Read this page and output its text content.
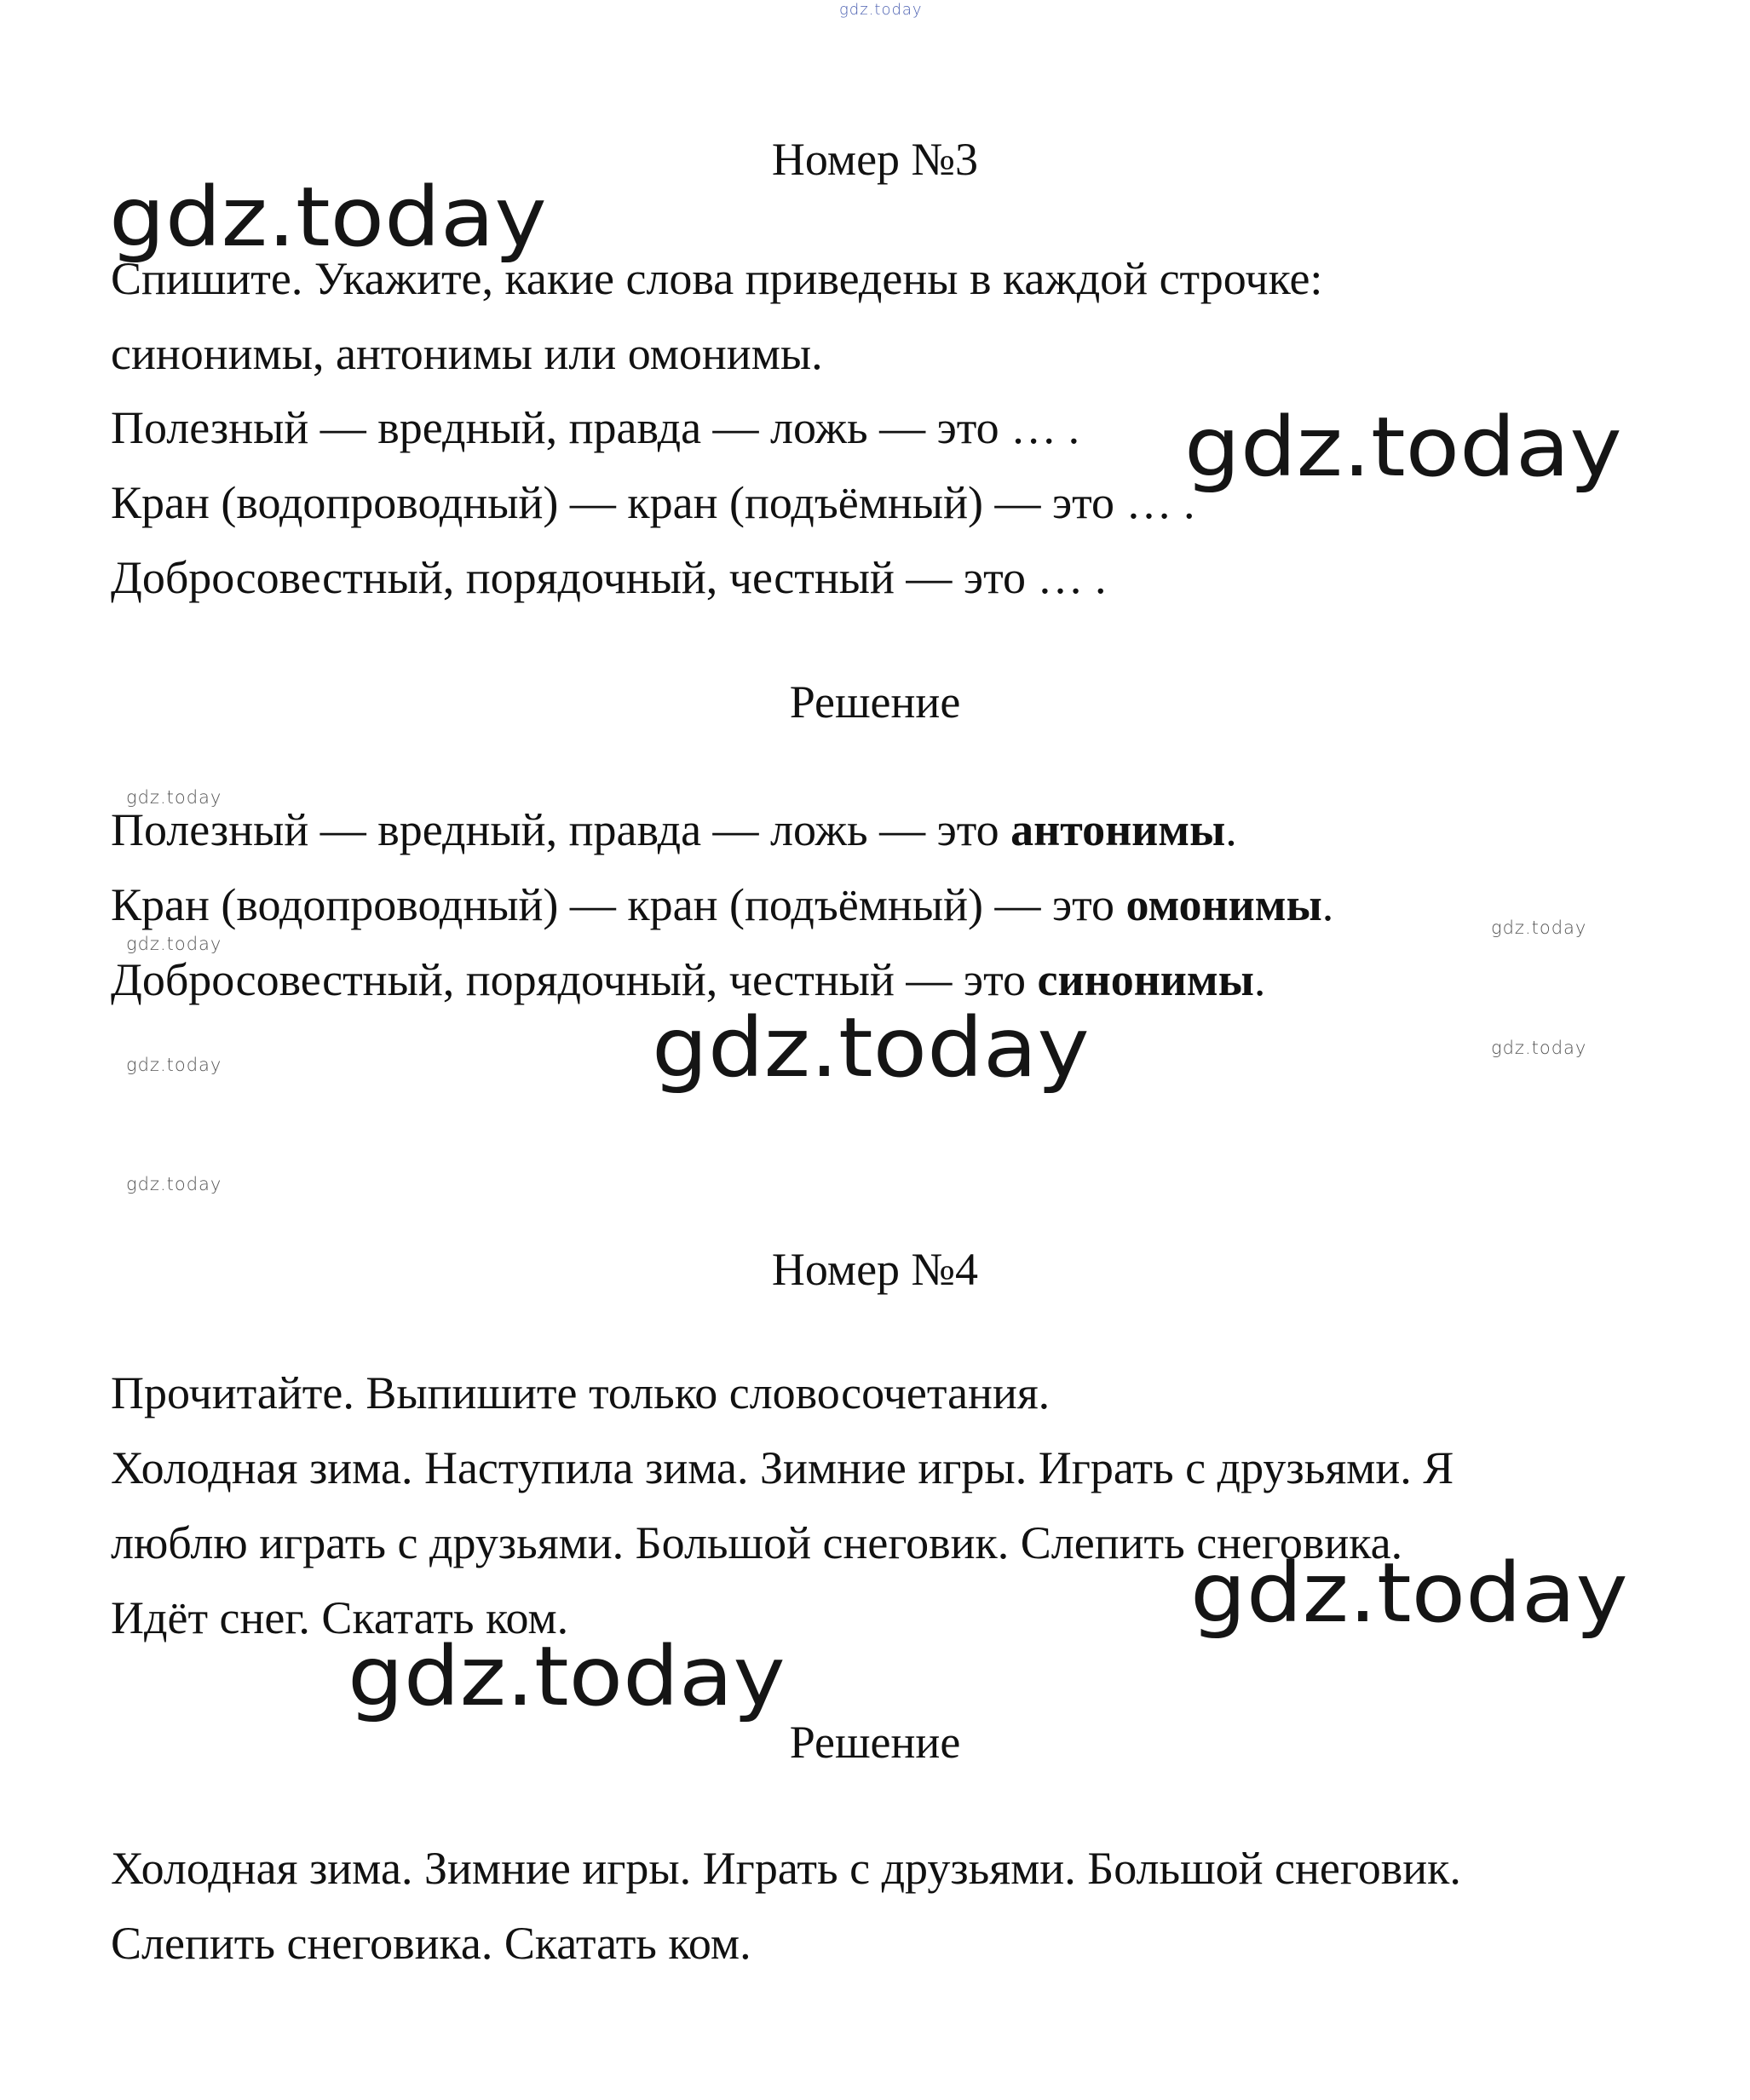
gdz.today
Номер №3
gdz.today

Спишите. Укажите, какие слова приведены в каждой строчке:

синонимы, антонимы или омонимы.

Полезный — вредный, правда — ложь — это … .

Кран (водопроводный) — кран (подъёмный) — это … .

Добросовестный, порядочный, честный — это … .

gdz.today
Решение
gdz.today

Полезный — вредный, правда — ложь — это антонимы.

Кран (водопроводный) — кран (подъёмный) — это омонимы.	gdz.today
gdz.today

Добросовестный, порядочный, честный — это синонимы.

gdz.today	gdz.today
gdz.today
gdz.today
Номер №4

Прочитайте. Выпишите только словосочетания.

Холодная зима. Наступила зима. Зимние игры. Играть с друзьями. Я

люблю играть с друзьями. Большой снеговик. Слепить снеговика.

Идёт снег. Скатать ком.	gdz.today
gdz.today
Решение

Холодная зима. Зимние игры. Играть с друзьями. Большой снеговик.

Слепить снеговика. Скатать ком.
